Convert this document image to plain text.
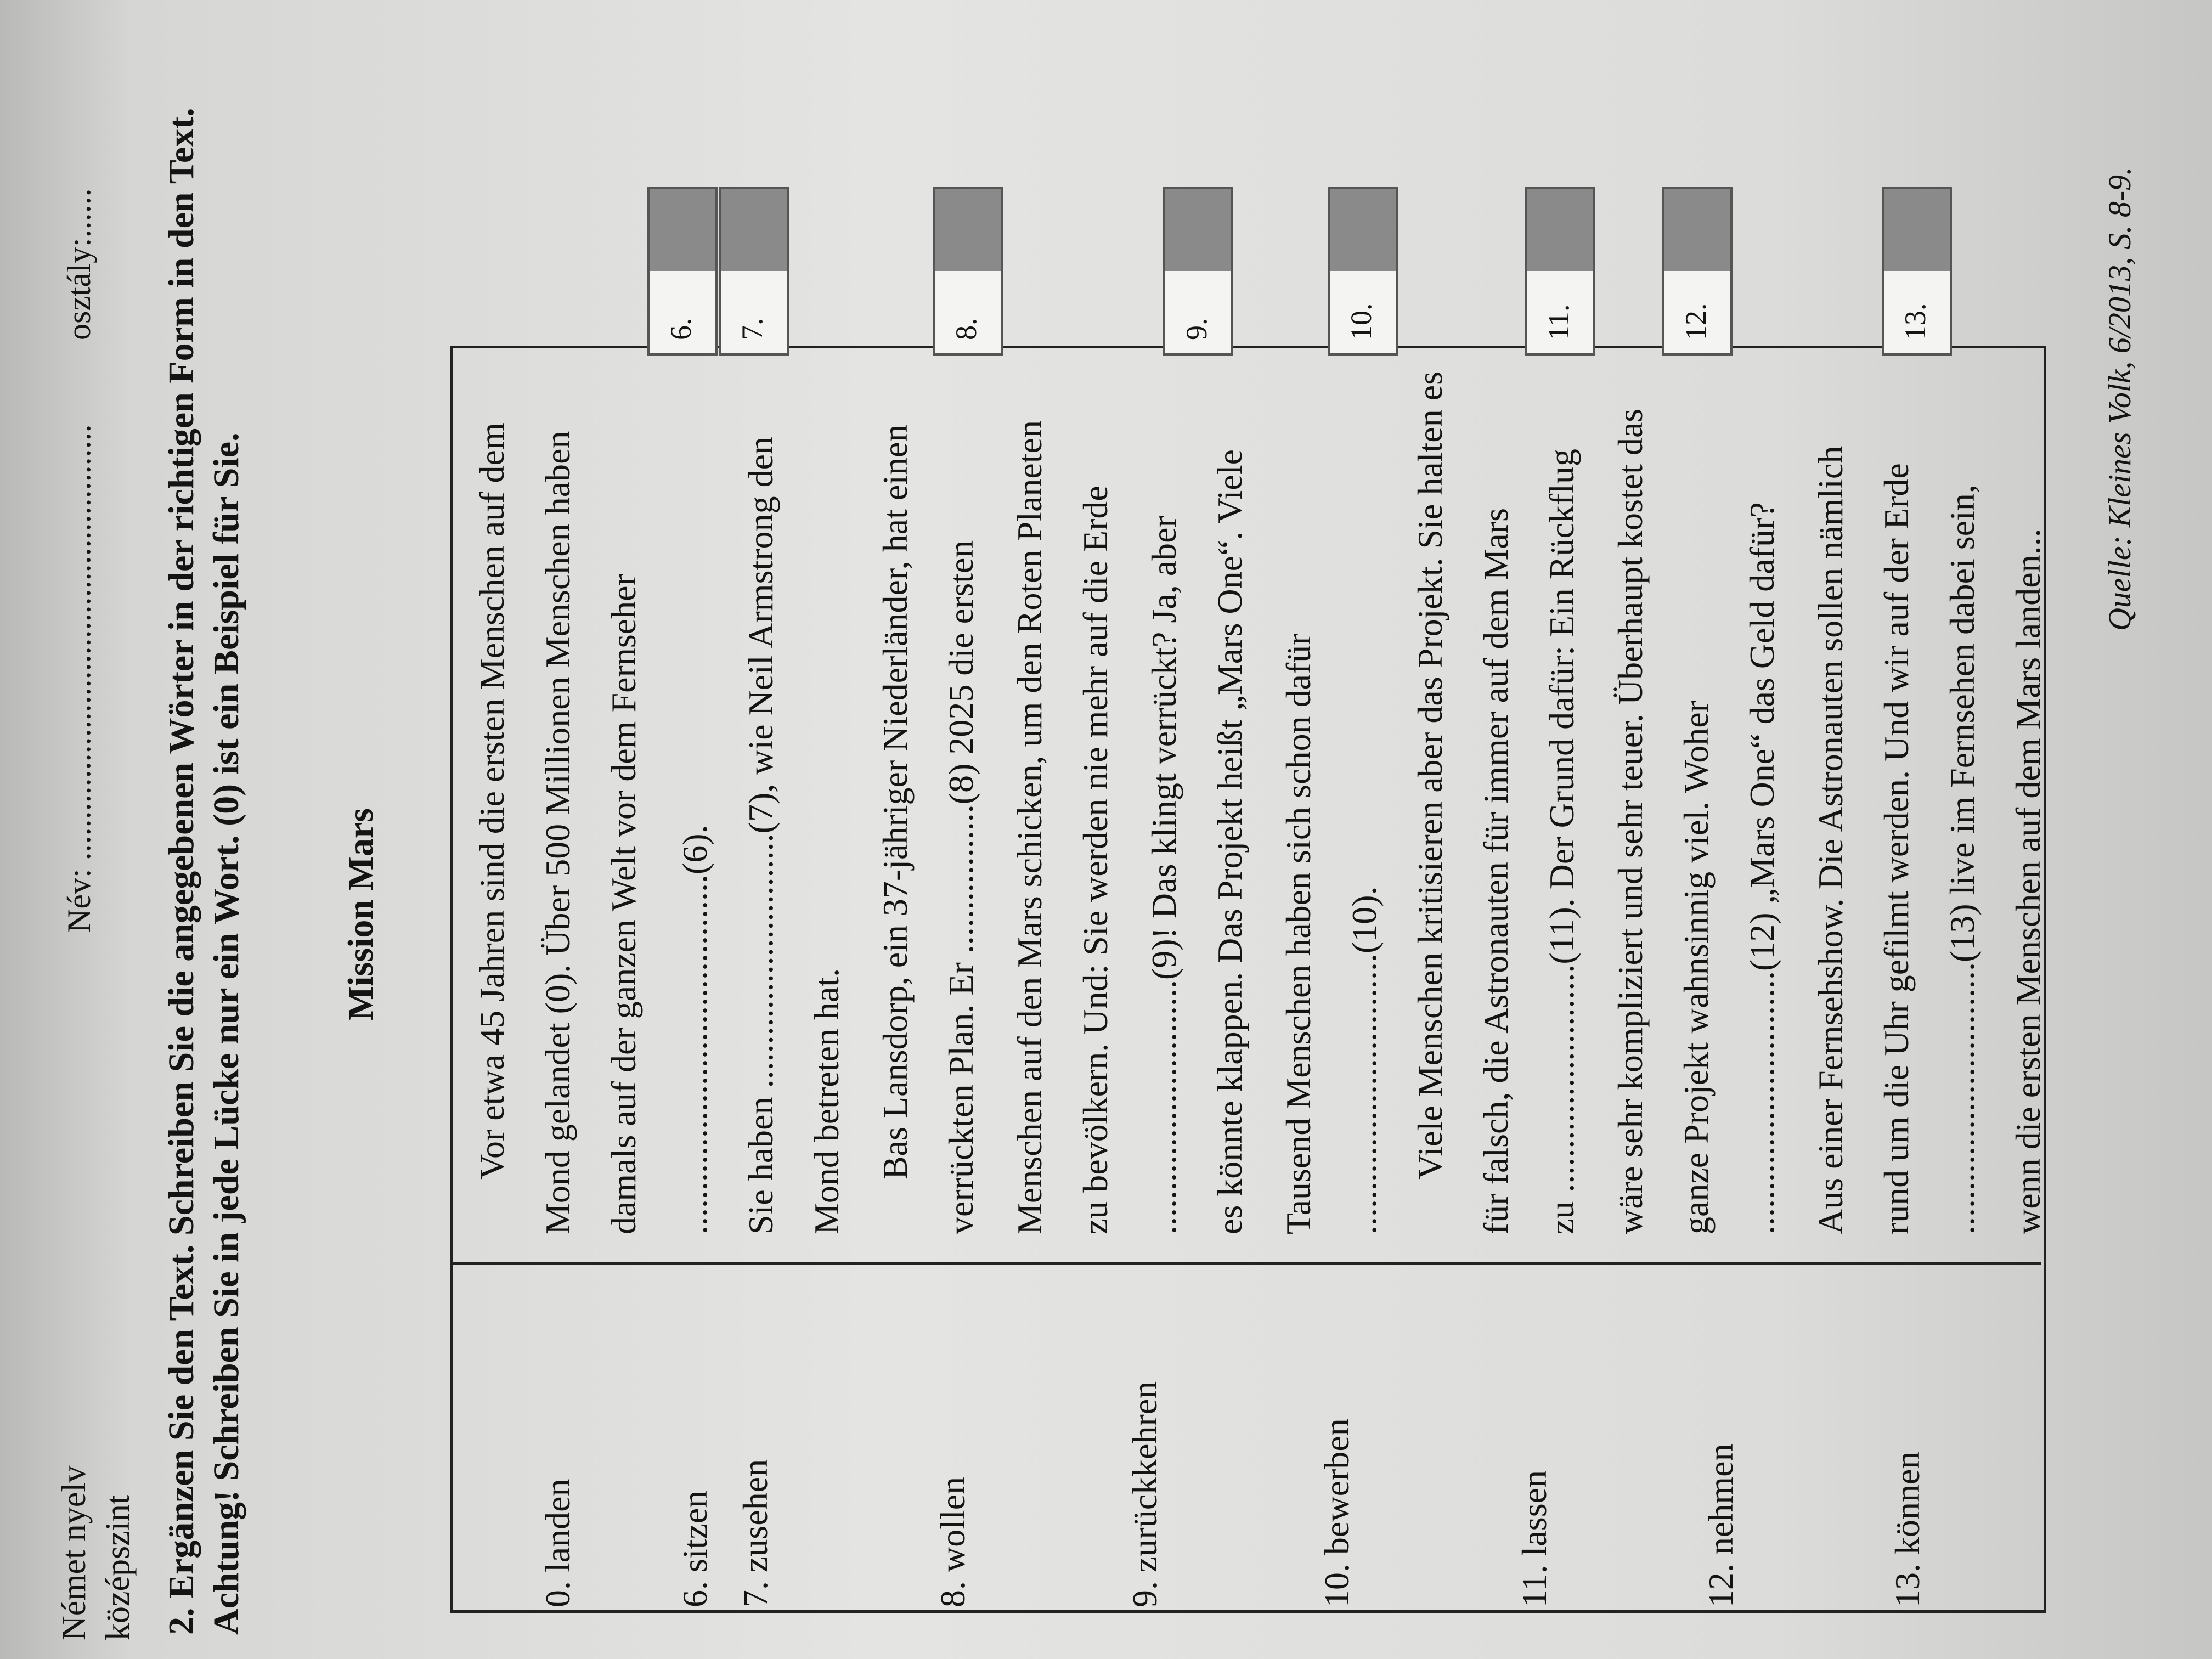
Német nyelv középszint
Név: .....................................................
osztály:...... 2. Ergänzen Sie den Text. Schreiben Sie die angegebenen Wörter in der richtigen Form in den Text. Achtung! Schreiben Sie in jede Lücke nur ein Wort. (0) ist ein Beispiel für Sie.	Mission Mars
0. landen	6. sitzen 7. zusehen	8. wollen	9. zurückkehren	10. bewerben	11. lassen	12. nehmen	13. können
Vor etwa 45 Jahren sind die ersten Menschen auf dem Mond gelandet (0). Über 500 Millionen Menschen haben damals auf der ganzen Welt vor dem Fernseher .........................................(6). Sie haben .............................(7), wie Neil Armstrong den Mond betreten hat. Bas Lansdorp, ein 37-jähriger Niederländer, hat einen verrückten Plan. Er .................(8) 2025 die ersten Menschen auf den Mars schicken, um den Roten Planeten zu bevölkern. Und: Sie werden nie mehr auf die Erde .............................(9)! Das klingt verrückt? Ja, aber es könnte klappen. Das Projekt heißt „Mars One“. Viele Tausend Menschen haben sich schon dafür ................................(10). Viele Menschen kritisieren aber das Projekt. Sie halten es für falsch, die Astronauten für immer auf dem Mars zu ..........................(11). Der Grund dafür: Ein Rückflug wäre sehr kompliziert und sehr teuer. Überhaupt kostet das ganze Projekt wahnsinnig viel. Woher ..............................(12) „Mars One“ das Geld dafür? Aus einer Fernsehshow. Die Astronauten sollen nämlich rund um die Uhr gefilmt werden. Und wir auf der Erde ...............................(13) live im Fernsehen dabei sein, wenn die ersten Menschen auf dem Mars landen...
6. 7.	8.	9.	10.	11.	12.	13.	Quelle: Kleines Volk, 6/2013, S. 8-9.
